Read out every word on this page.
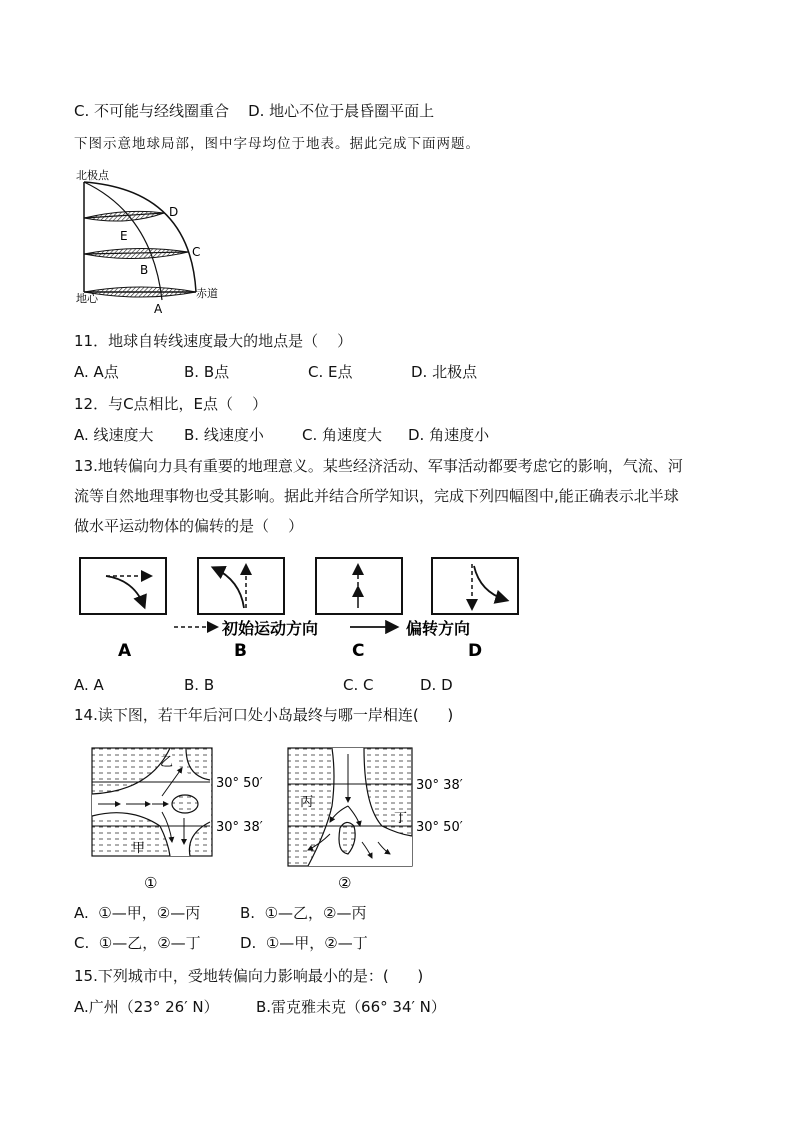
C. 不可能与经线圈重合    D. 地心不位于晨昏圈平面上
下图示意地球局部，图中字母均位于地表。据此完成下面两题。
北极点
地心	赤道
D
E
C
B
A
11．地球自转线速度最大的地点是（    ）
A. A点	B. B点	C. E点	D. 北极点
12．与C点相比，E点（    ）
A. 线速度大 B. 线速度小	C. 角速度大 D. 角速度小
13.地转偏向力具有重要的地理意义。某些经济活动、军事活动都要考虑它的影响，气流、河
流等自然地理事物也受其影响。据此并结合所学知识，完成下列四幅图中,能正确表示北半球
做水平运动物体的偏转的是（    ）
初始运动方向	偏转方向
A	B	C	D
A. A	B. B	C. C	D. D
14.读下图，若干年后河口处小岛最终与哪一岸相连(      )
乙
甲
30° 50′
30° 38′
①
丙
丁
30° 38′
30° 50′
②
A.  ①—甲，②—丙	B.  ①—乙，②—丙
C.  ①—乙，②—丁	D.  ①—甲，②—丁
15.下列城市中，受地转偏向力影响最小的是：(      )
A.广州（23° 26′ N） B.雷克雅未克（66° 34′ N）
